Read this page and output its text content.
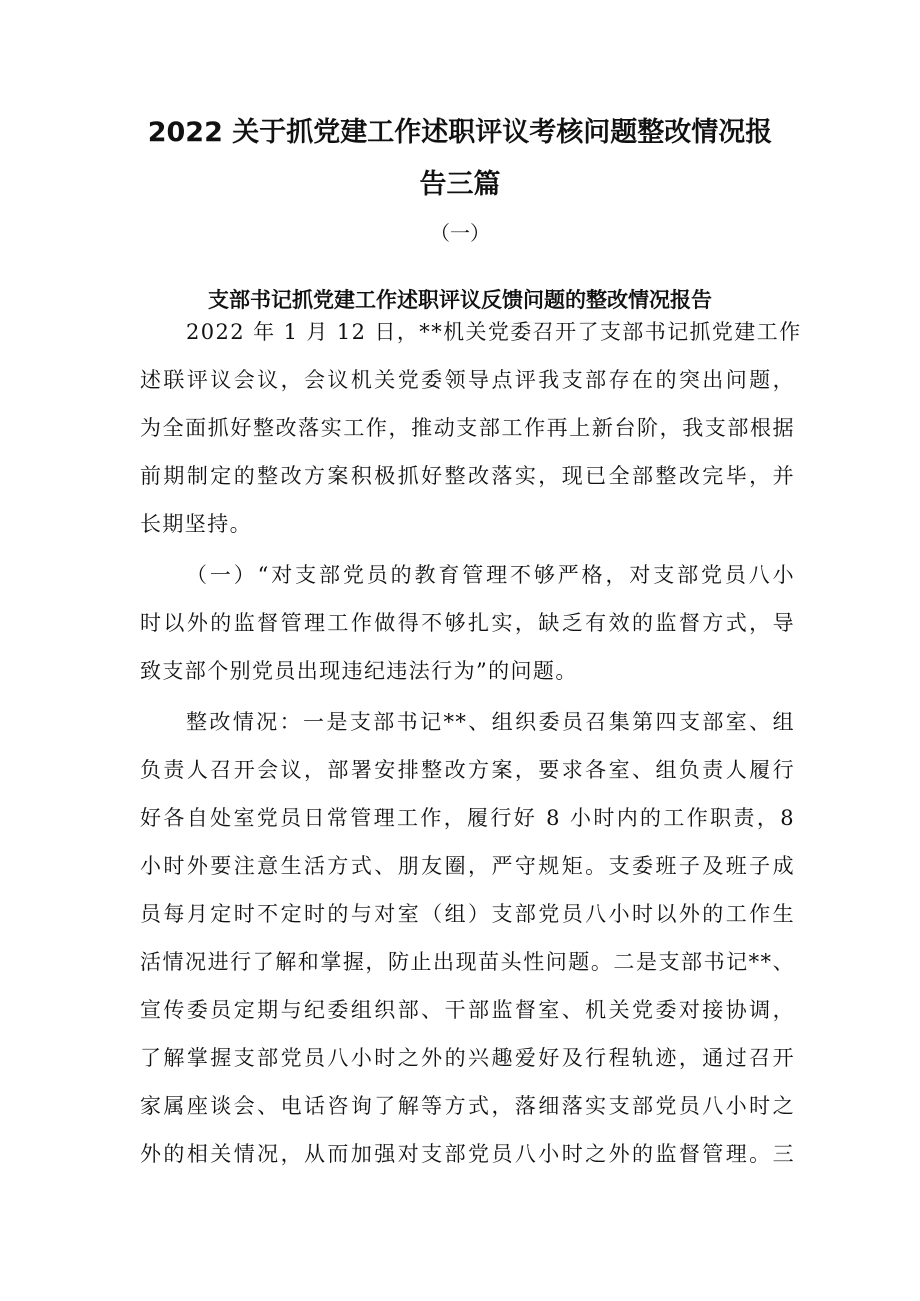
2022 关于抓党建工作述职评议考核问题整改情况报
告三篇
（一）
支部书记抓党建工作述职评议反馈问题的整改情况报告
2022 年 1 月 12 日，**机关党委召开了支部书记抓党建工作
述联评议会议，会议机关党委领导点评我支部存在的突出问题，
为全面抓好整改落实工作，推动支部工作再上新台阶，我支部根据
前期制定的整改方案积极抓好整改落实，现已全部整改完毕，并
长期坚持。
（一）“对支部党员的教育管理不够严格，对支部党员八小
时以外的监督管理工作做得不够扎实，缺乏有效的监督方式，导
致支部个别党员出现违纪违法行为”的问题。
整改情况：一是支部书记**、组织委员召集第四支部室、组
负责人召开会议，部署安排整改方案，要求各室、组负责人履行
好各自处室党员日常管理工作，履行好 8 小时内的工作职责，8
小时外要注意生活方式、朋友圈，严守规矩。支委班子及班子成
员每月定时不定时的与对室（组）支部党员八小时以外的工作生
活情况进行了解和掌握，防止出现苗头性问题。二是支部书记**、
宣传委员定期与纪委组织部、干部监督室、机关党委对接协调，
了解掌握支部党员八小时之外的兴趣爱好及行程轨迹，通过召开
家属座谈会、电话咨询了解等方式，落细落实支部党员八小时之
外的相关情况，从而加强对支部党员八小时之外的监督管理。三
